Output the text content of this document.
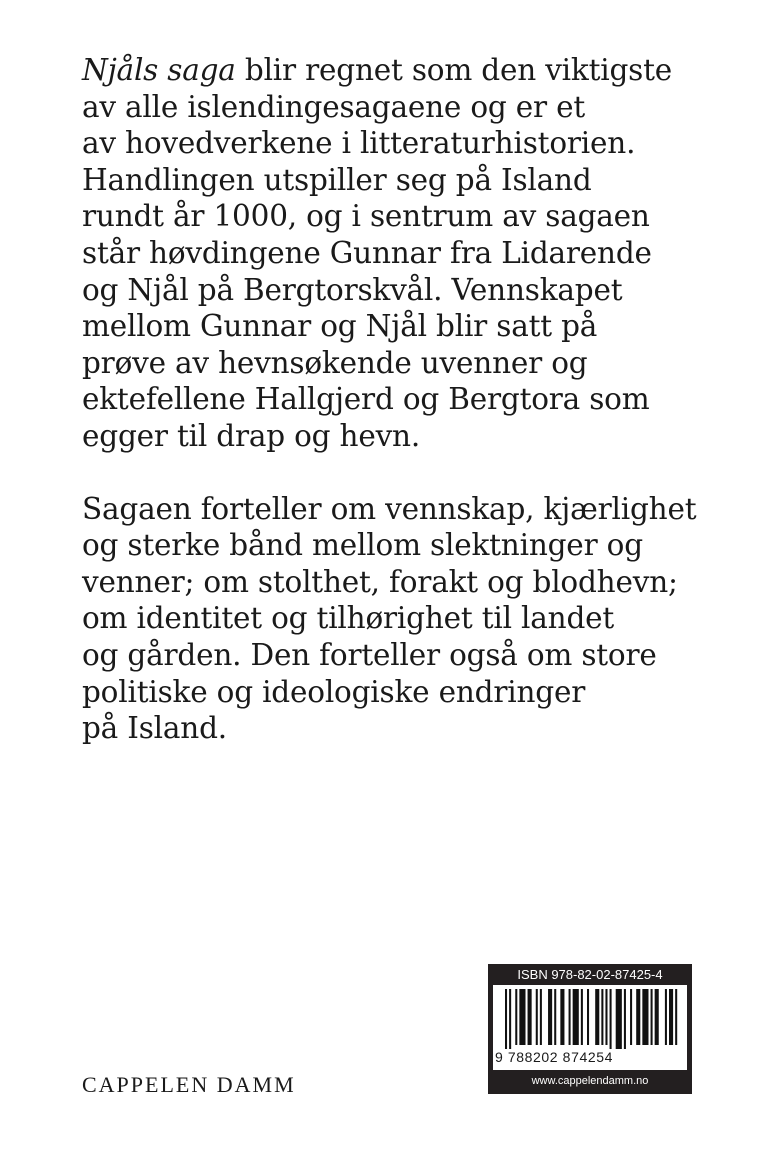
Njåls saga blir regnet som den viktigste
av alle islendingesagaene og er et
av hovedverkene i litteraturhistorien.
Handlingen utspiller seg på Island
rundt år 1000, og i sentrum av sagaen
står høvdingene Gunnar fra Lidarende
og Njål på Bergtorskvål. Vennskapet
mellom Gunnar og Njål blir satt på
prøve av hevnsøkende uvenner og
ektefellene Hallgjerd og Bergtora som
egger til drap og hevn.

Sagaen forteller om vennskap, kjærlighet
og sterke bånd mellom slektninger og
venner; om stolthet, forakt og blodhevn;
om identitet og tilhørighet til landet
og gården. Den forteller også om store
politiske og ideologiske endringer
på Island.

CAPPELEN DAMM
ISBN 978-82-02-87425-4
9 788202 874254
www.cappelendamm.no
